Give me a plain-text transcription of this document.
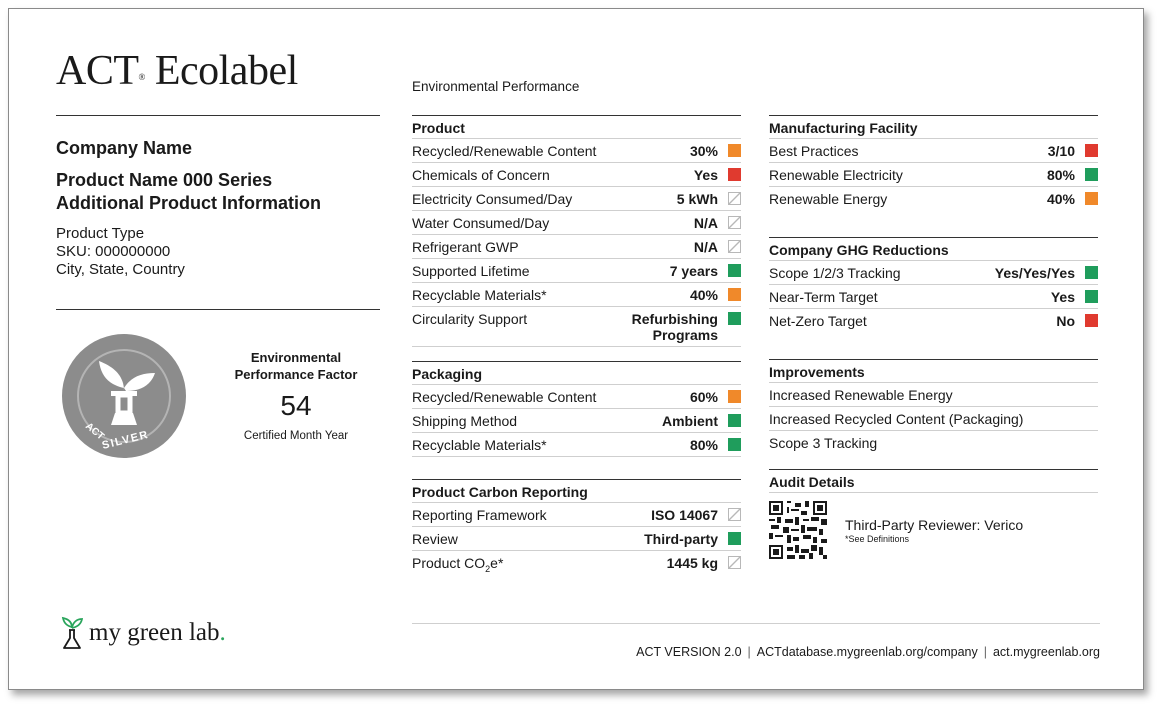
ACT® Ecolabel
Company Name
Product Name 000 Series
Additional Product Information
Product Type
SKU: 000000000
City, State, Country
ACT
SILVER
Environmental
Performance Factor
54
Certified Month Year
my green lab.
Environmental Performance
Product
Recycled/Renewable Content	30%
Chemicals of Concern	Yes
Electricity Consumed/Day	5 kWh
Water Consumed/Day	N/A
Refrigerant GWP	N/A
Supported Lifetime	7 years
Recyclable Materials*	40%
Circularity Support	Refurbishing
Programs
Packaging
Recycled/Renewable Content	60%
Shipping Method	Ambient
Recyclable Materials*	80%
Product Carbon Reporting
Reporting Framework	ISO 14067
Review	Third-party
Product $CO_2e*$	1445 kg
Manufacturing Facility
Best Practices	3/10
Renewable Electricity	80%
Renewable Energy	40%
Company GHG Reductions
Scope 1/2/3 Tracking	Yes/Yes/Yes
Near-Term Target	Yes
Net-Zero Target	No
Improvements
Increased Renewable Energy
Increased Recycled Content (Packaging)
Scope 3 Tracking
Audit Details
Third-Party Reviewer: Verico
*See Definitions
ACT VERSION 2.0 | ACTdatabase.mygreenlab.org/company | act.mygreenlab.org
